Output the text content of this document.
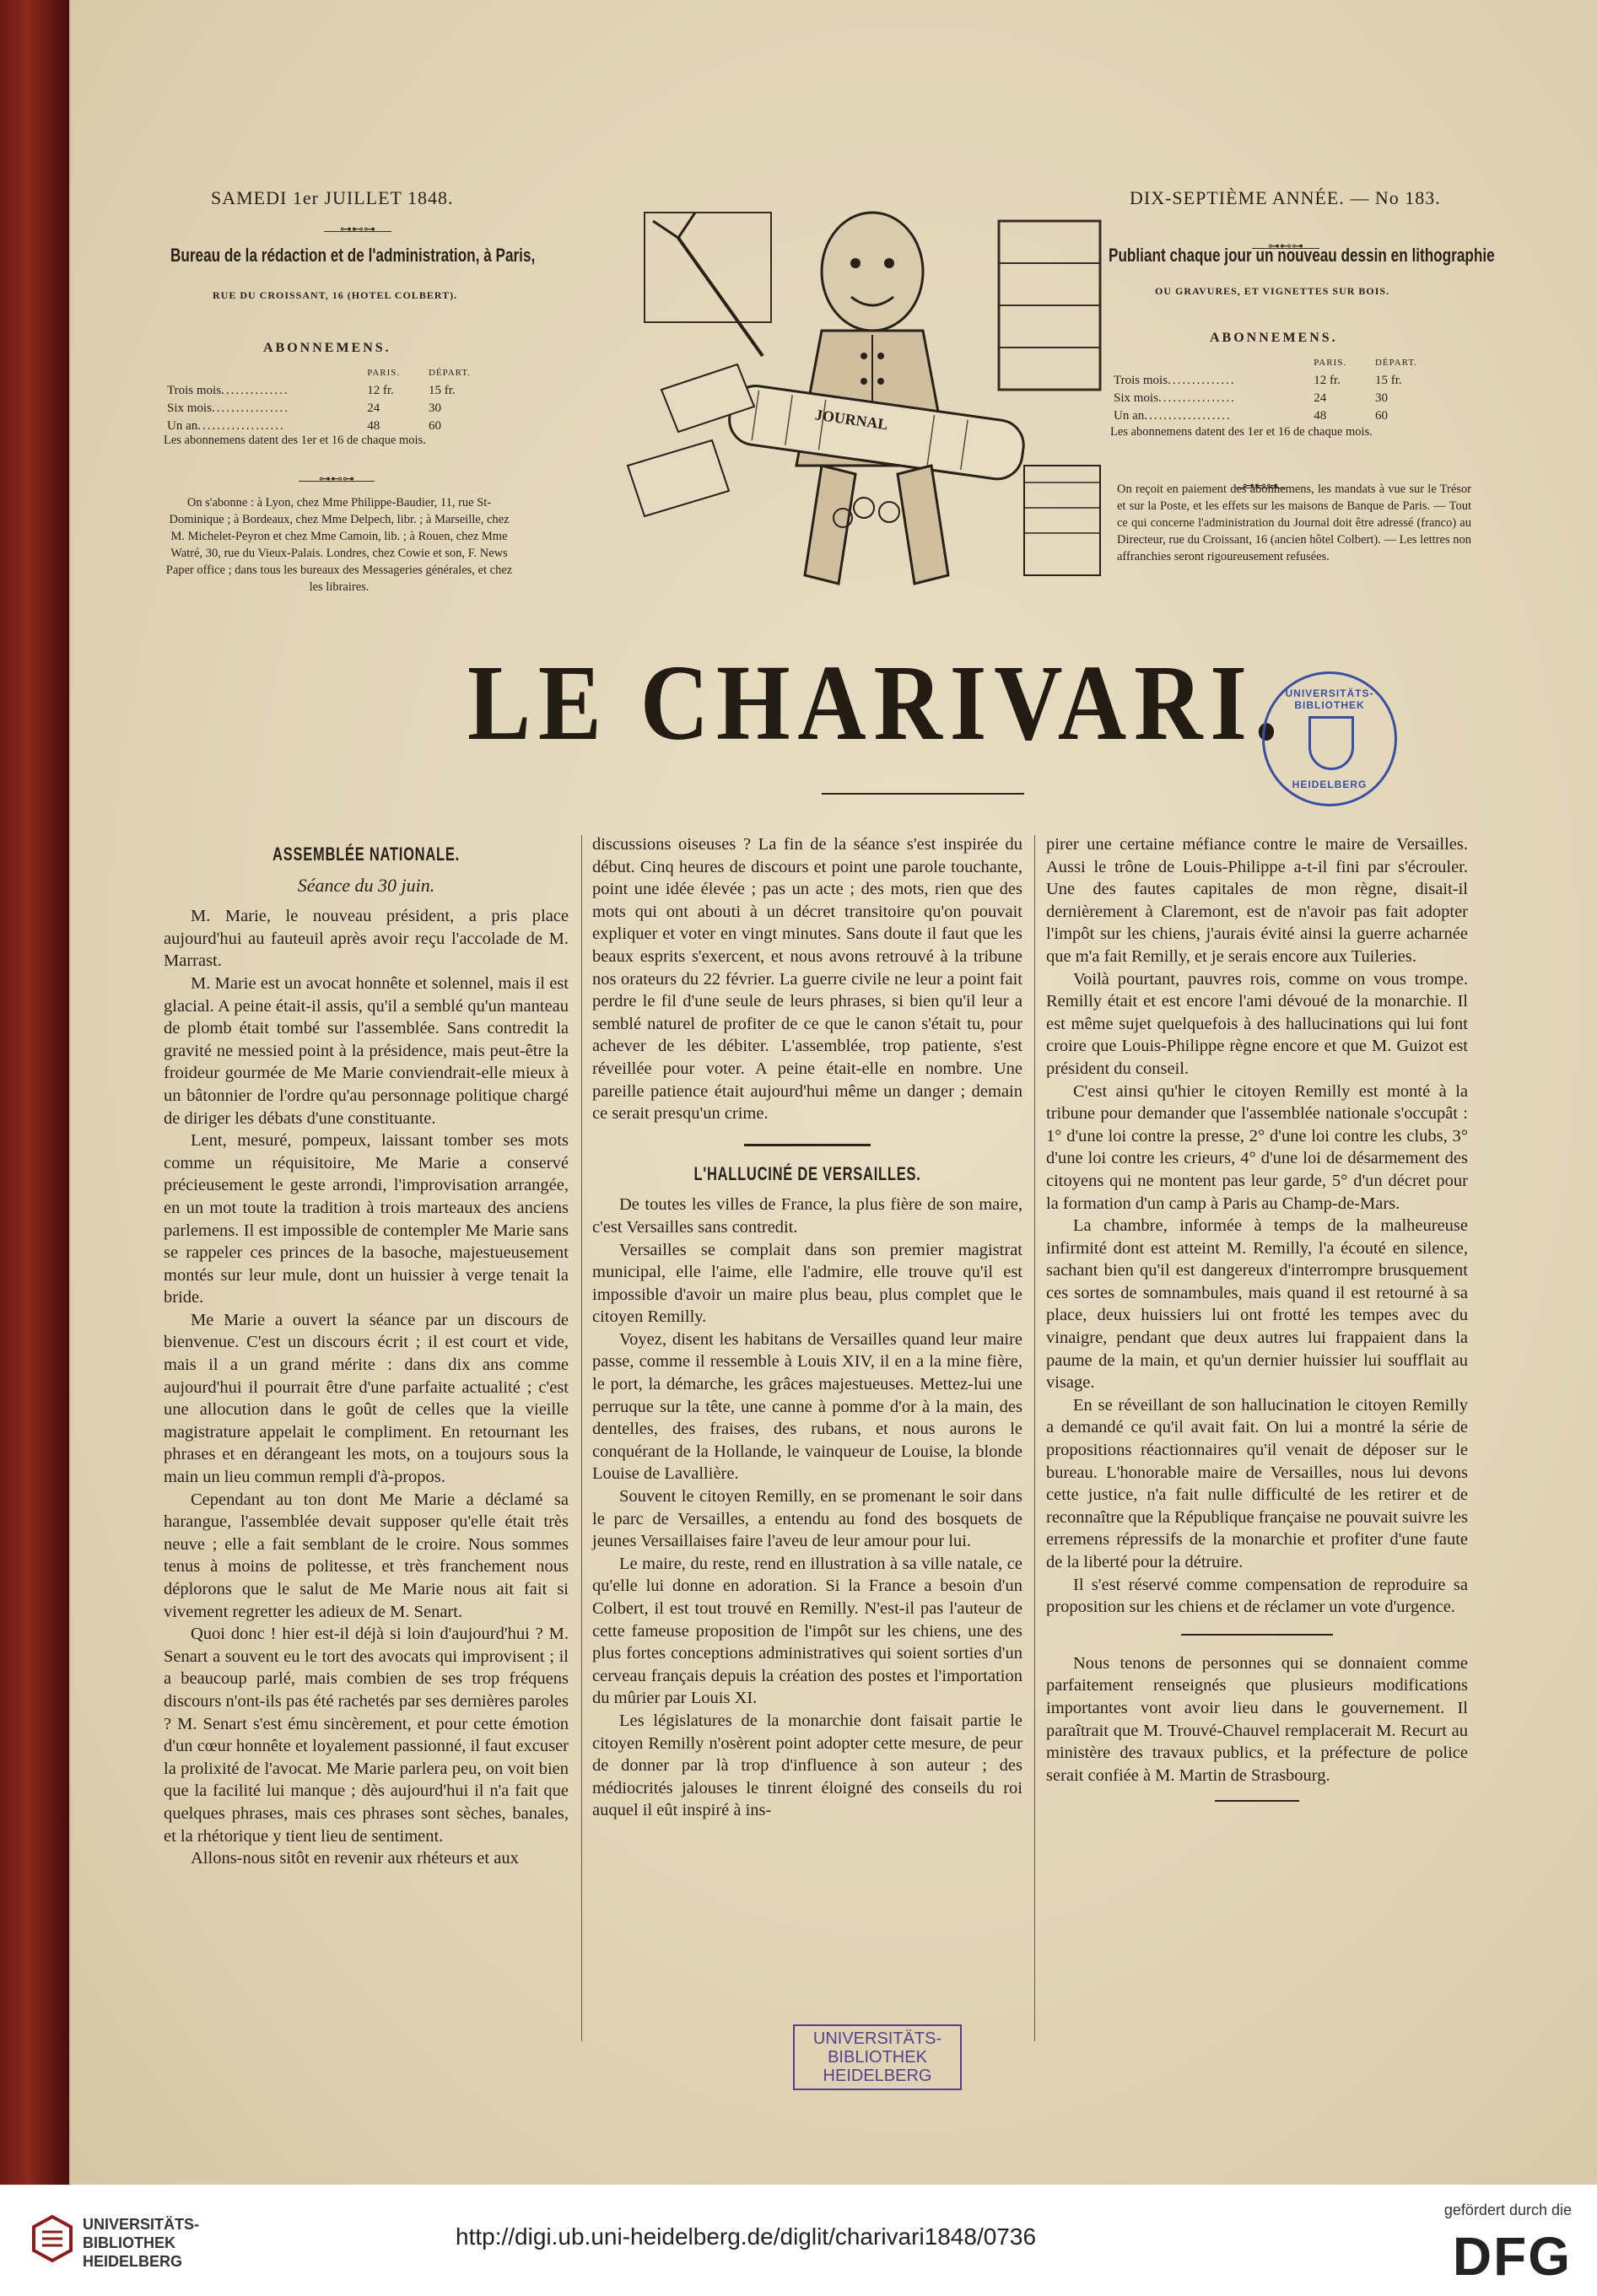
SAMEDI 1er JUILLET 1848.
⊶⊷⊶
Bureau de la rédaction et de l'administration, à Paris,
RUE DU CROISSANT, 16 (HOTEL COLBERT).
ABONNEMENS.
	PARIS.	DÉPART.
Trois mois..............	12 fr.	15 fr.
Six mois................	24	30
Un an..................	48	60
Les abonnemens datent des 1er et 16 de chaque mois.
⊶⊷⊶
On s'abonne : à Lyon, chez Mme Philippe-Baudier, 11, rue St-Dominique ; à Bordeaux, chez Mme Delpech, libr. ; à Marseille, chez M. Michelet-Peyron et chez Mme Camoin, lib. ; à Rouen, chez Mme Watré, 30, rue du Vieux-Palais. Londres, chez Cowie et son, F. News Paper office ; dans tous les bureaux des Messageries générales, et chez les libraires.
JOURNAL
DIX-SEPTIÈME ANNÉE. — No 183.
⊶⊷⊶
Publiant chaque jour un nouveau dessin en lithographie
OU GRAVURES, ET VIGNETTES SUR BOIS.
ABONNEMENS.
	PARIS.	DÉPART.
Trois mois..............	12 fr.	15 fr.
Six mois................	24	30
Un an..................	48	60
Les abonnemens datent des 1er et 16 de chaque mois.
⊶⊷⊶
On reçoit en paiement des abonnemens, les mandats à vue sur le Trésor et sur la Poste, et les effets sur les maisons de Banque de Paris. — Tout ce qui concerne l'administration du Journal doit être adressé (franco) au Directeur, rue du Croissant, 16 (ancien hôtel Colbert). — Les lettres non affranchies seront rigoureusement refusées.
LE CHARIVARI. UNIVERSITÄTS-BIBLIOTHEK
HEIDELBERG
ASSEMBLÉE NATIONALE.
Séance du 30 juin.

M. Marie, le nouveau président, a pris place aujourd'hui au fauteuil après avoir reçu l'accolade de M. Marrast.

M. Marie est un avocat honnête et solennel, mais il est glacial. A peine était-il assis, qu'il a semblé qu'un manteau de plomb était tombé sur l'assemblée. Sans contredit la gravité ne messied point à la présidence, mais peut-être la froideur gourmée de Me Marie conviendrait-elle mieux à un bâtonnier de l'ordre qu'au personnage politique chargé de diriger les débats d'une constituante.

Lent, mesuré, pompeux, laissant tomber ses mots comme un réquisitoire, Me Marie a conservé précieusement le geste arrondi, l'improvisation arrangée, en un mot toute la tradition à trois marteaux des anciens parlemens. Il est impossible de contempler Me Marie sans se rappeler ces princes de la basoche, majestueusement montés sur leur mule, dont un huissier à verge tenait la bride.

Me Marie a ouvert la séance par un discours de bienvenue. C'est un discours écrit ; il est court et vide, mais il a un grand mérite : dans dix ans comme aujourd'hui il pourrait être d'une parfaite actualité ; c'est une allocution dans le goût de celles que la vieille magistrature appelait le compliment. En retournant les phrases et en dérangeant les mots, on a toujours sous la main un lieu commun rempli d'à-propos.

Cependant au ton dont Me Marie a déclamé sa harangue, l'assemblée devait supposer qu'elle était très neuve ; elle a fait semblant de le croire. Nous sommes tenus à moins de politesse, et très franchement nous déplorons que le salut de Me Marie nous ait fait si vivement regretter les adieux de M. Senart.

Quoi donc ! hier est-il déjà si loin d'aujourd'hui ? M. Senart a souvent eu le tort des avocats qui improvisent ; il a beaucoup parlé, mais combien de ses trop fréquens discours n'ont-ils pas été rachetés par ses dernières paroles ? M. Senart s'est ému sincèrement, et pour cette émotion d'un cœur honnête et loyalement passionné, il faut excuser la prolixité de l'avocat. Me Marie parlera peu, on voit bien que la facilité lui manque ; dès aujourd'hui il n'a fait que quelques phrases, mais ces phrases sont sèches, banales, et la rhétorique y tient lieu de sentiment.

Allons-nous sitôt en revenir aux rhéteurs et aux

discussions oiseuses ? La fin de la séance s'est inspirée du début. Cinq heures de discours et point une parole touchante, point une idée élevée ; pas un acte ; des mots, rien que des mots qui ont abouti à un décret transitoire qu'on pouvait expliquer et voter en vingt minutes. Sans doute il faut que les beaux esprits s'exercent, et nous avons retrouvé à la tribune nos orateurs du 22 février. La guerre civile ne leur a point fait perdre le fil d'une seule de leurs phrases, si bien qu'il leur a semblé naturel de profiter de ce que le canon s'était tu, pour achever de les débiter. L'assemblée, trop patiente, s'est réveillée pour voter. A peine était-elle en nombre. Une pareille patience était aujourd'hui même un danger ; demain ce serait presqu'un crime.

L'HALLUCINÉ DE VERSAILLES.

De toutes les villes de France, la plus fière de son maire, c'est Versailles sans contredit.

Versailles se complait dans son premier magistrat municipal, elle l'aime, elle l'admire, elle trouve qu'il est impossible d'avoir un maire plus beau, plus complet que le citoyen Remilly.

Voyez, disent les habitans de Versailles quand leur maire passe, comme il ressemble à Louis XIV, il en a la mine fière, le port, la démarche, les grâces majestueuses. Mettez-lui une perruque sur la tête, une canne à pomme d'or à la main, des dentelles, des fraises, des rubans, et nous aurons le conquérant de la Hollande, le vainqueur de Louise, la blonde Louise de Lavallière.

Souvent le citoyen Remilly, en se promenant le soir dans le parc de Versailles, a entendu au fond des bosquets de jeunes Versaillaises faire l'aveu de leur amour pour lui.

Le maire, du reste, rend en illustration à sa ville natale, ce qu'elle lui donne en adoration. Si la France a besoin d'un Colbert, il est tout trouvé en Remilly. N'est-il pas l'auteur de cette fameuse proposition de l'impôt sur les chiens, une des plus fortes conceptions administratives qui soient sorties d'un cerveau français depuis la création des postes et l'importation du mûrier par Louis XI.

Les législatures de la monarchie dont faisait partie le citoyen Remilly n'osèrent point adopter cette mesure, de peur de donner par là trop d'influence à son auteur ; des médiocrités jalouses le tinrent éloigné des conseils du roi auquel il eût inspiré à ins-

pirer une certaine méfiance contre le maire de Versailles. Aussi le trône de Louis-Philippe a-t-il fini par s'écrouler. Une des fautes capitales de mon règne, disait-il dernièrement à Claremont, est de n'avoir pas fait adopter l'impôt sur les chiens, j'aurais évité ainsi la guerre acharnée que m'a fait Remilly, et je serais encore aux Tuileries.

Voilà pourtant, pauvres rois, comme on vous trompe. Remilly était et est encore l'ami dévoué de la monarchie. Il est même sujet quelquefois à des hallucinations qui lui font croire que Louis-Philippe règne encore et que M. Guizot est président du conseil.

C'est ainsi qu'hier le citoyen Remilly est monté à la tribune pour demander que l'assemblée nationale s'occupât : 1° d'une loi contre la presse, 2° d'une loi contre les clubs, 3° d'une loi contre les crieurs, 4° d'une loi de désarmement des citoyens qui ne montent pas leur garde, 5° d'un décret pour la formation d'un camp à Paris au Champ-de-Mars.

La chambre, informée à temps de la malheureuse infirmité dont est atteint M. Remilly, l'a écouté en silence, sachant bien qu'il est dangereux d'interrompre brusquement ces sortes de somnambules, mais quand il est retourné à sa place, deux huissiers lui ont frotté les tempes avec du vinaigre, pendant que deux autres lui frappaient dans la paume de la main, et qu'un dernier huissier lui soufflait au visage.

En se réveillant de son hallucination le citoyen Remilly a demandé ce qu'il avait fait. On lui a montré la série de propositions réactionnaires qu'il venait de déposer sur le bureau. L'honorable maire de Versailles, nous lui devons cette justice, n'a fait nulle difficulté de les retirer et de reconnaître que la République française ne pouvait suivre les erremens répressifs de la monarchie et profiter d'une faute de la liberté pour la détruire.

Il s'est réservé comme compensation de reproduire sa proposition sur les chiens et de réclamer un vote d'urgence.

Nous tenons de personnes qui se donnaient comme parfaitement renseignés que plusieurs modifications importantes vont avoir lieu dans le gouvernement. Il paraîtrait que M. Trouvé-Chauvel remplacerait M. Recurt au ministère des travaux publics, et la préfecture de police serait confiée à M. Martin de Strasbourg.

UNIVERSITÄTS-
BIBLIOTHEK
HEIDELBERG
UNIVERSITÄTS-
BIBLIOTHEK
HEIDELBERG
http://digi.ub.uni-heidelberg.de/diglit/charivari1848/0736
gefördert durch die
DFG
